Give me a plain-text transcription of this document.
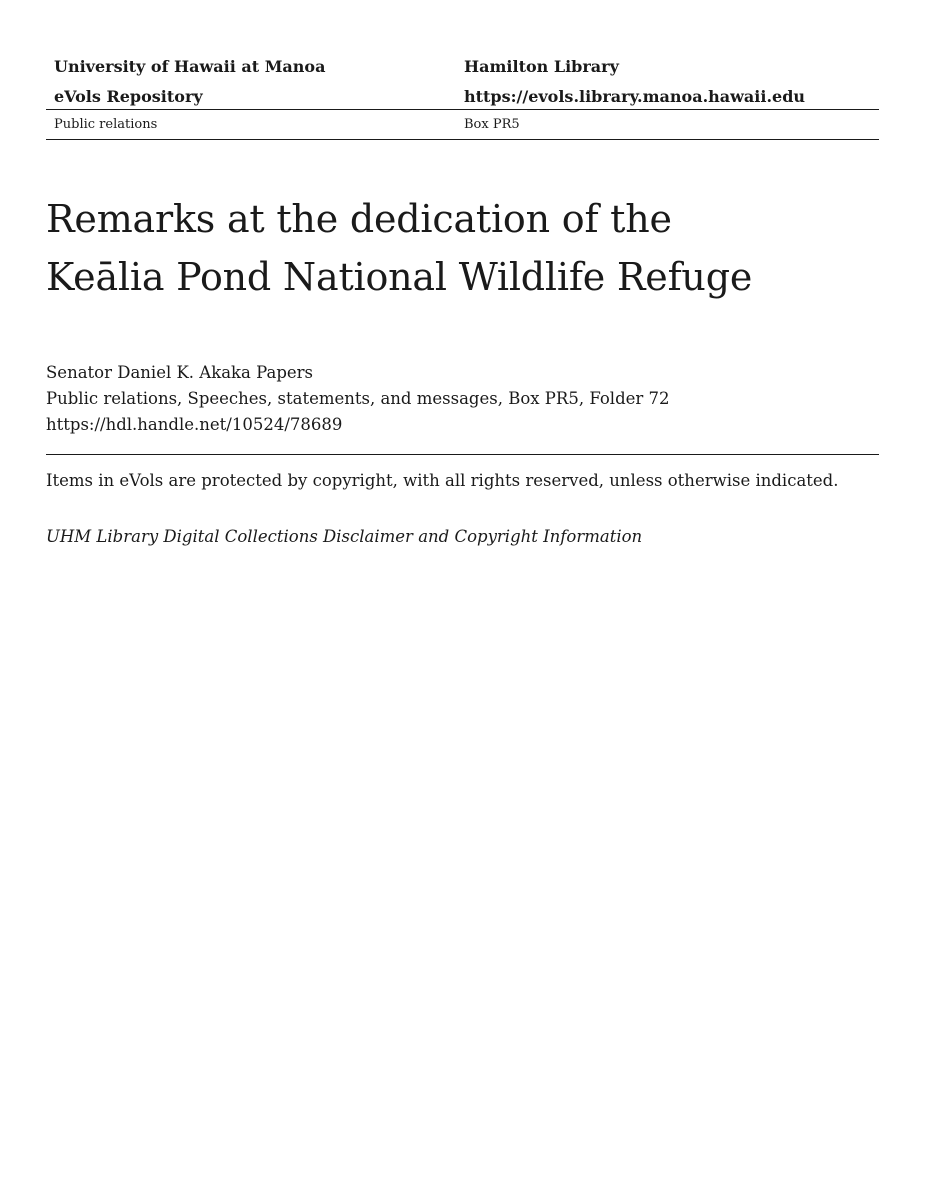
University of Hawaii at Manoa	Hamilton Library
eVols Repository	https://evols.library.manoa.hawaii.edu
Public relations	Box PR5
Remarks at the dedication of the
Keālia Pond National Wildlife Refuge
Senator Daniel K. Akaka Papers
Public relations, Speeches, statements, and messages, Box PR5, Folder 72
https://hdl.handle.net/10524/78689
Items in eVols are protected by copyright, with all rights reserved, unless otherwise indicated.
UHM Library Digital Collections Disclaimer and Copyright Information
